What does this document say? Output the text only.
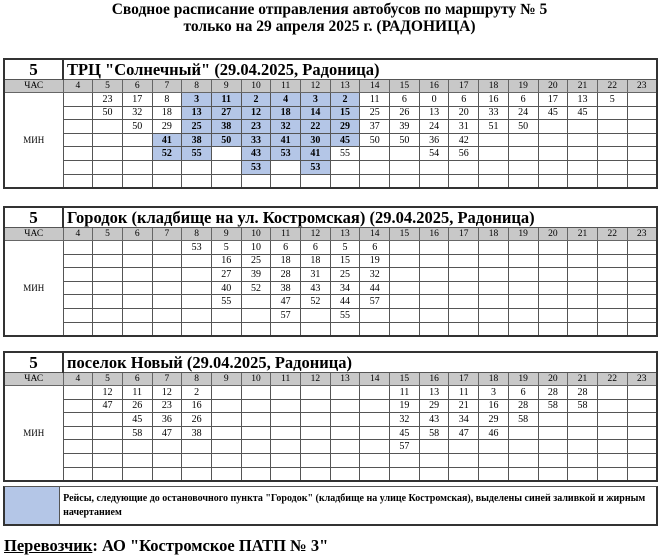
Сводное расписание отправления автобусов по маршруту № 5
только на 29 апреля 2025 г. (РАДОНИЦА)
5	ТРЦ "Солнечный" (29.04.2025, Радоница)																			
ЧАС	4	5	6	7	8	9	10	11	12	13	14	15	16	17	18	19	20	21	22	23
МИН		23	17	8	3	11	2	4	3	2	11	6	0	6	16	6	17	13	5	
		50	32	18	13	27	12	18	14	15	25	26	13	20	33	24	45	45		
			50	29	25	38	23	32	22	29	37	39	24	31	51	50				
				41	38	50	33	41	30	45	50	50	36	42						
				52	55		43	53	41	55			54	56						
							53		53											

5	Городок (кладбище на ул. Костромская) (29.04.2025, Радоница)																			
ЧАС	4	5	6	7	8	9	10	11	12	13	14	15	16	17	18	19	20	21	22	23
МИН					53	5	10	6	6	5	6									
						16	25	18	18	15	19									
						27	39	28	31	25	32									
						40	52	38	43	34	44									
						55		47	52	44	57									
								57		55										

5	поселок Новый (29.04.2025, Радоница)																			
ЧАС	4	5	6	7	8	9	10	11	12	13	14	15	16	17	18	19	20	21	22	23
МИН		12	11	12	2							11	13	11	3	6	28	28		
		47	26	23	16							19	29	21	16	28	58	58		
			45	36	26							32	43	34	29	58				
			58	47	38							45	58	47	46					
												57								

Рейсы, следующие до остановочного пункта "Городок" (кладбище на улице Костромская), выделены синей заливкой и жирным начертанием
Перевозчик: АО "Костромское ПАТП № 3"
